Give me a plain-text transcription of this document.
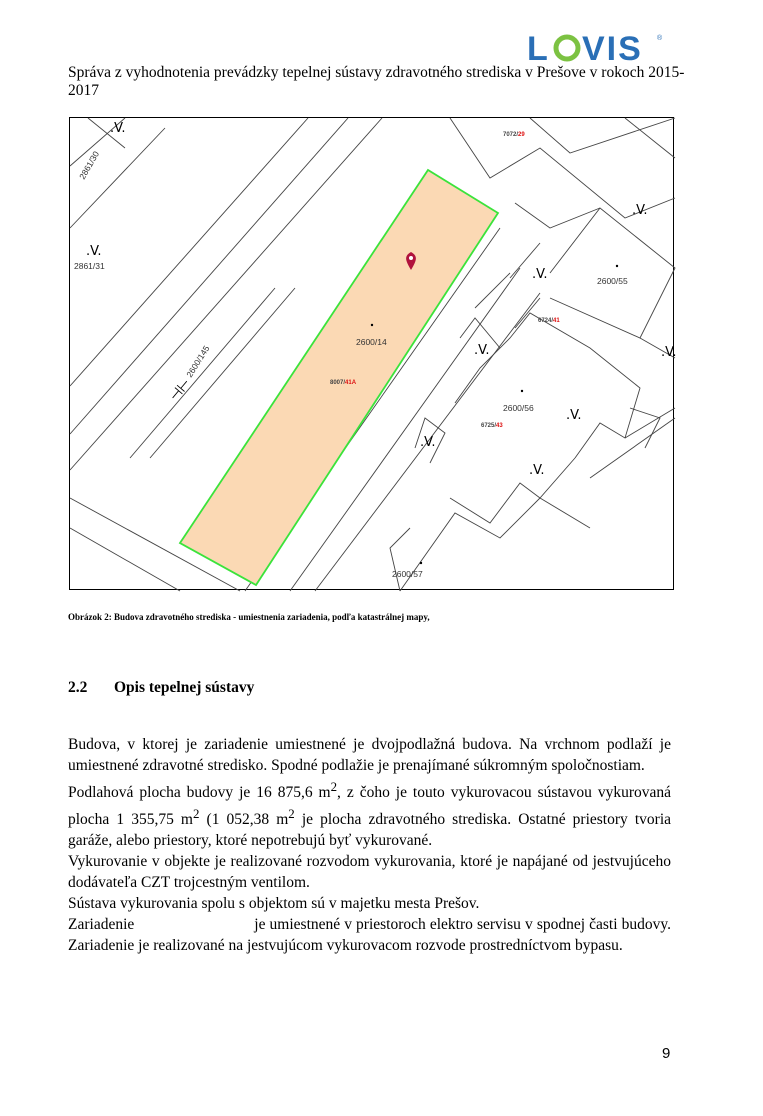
L VIS ®
Správa z vyhodnotenia prevádzky tepelnej sústavy zdravotného strediska v Prešove v rokoch 2015-2017
.V.
.V.
.V.
.V.
.V.
.V.
.V.
.V.
.V.
⊣⊢
2861/30
2861/31
2600/145
2600/14
2600/55
2600/56
2600/57
7072/29
8007/41A
6724/41
6725/43
Obrázok 2: Budova zdravotného strediska - umiestnenia zariadenia, podľa katastrálnej mapy,
2.2 Opis tepelnej sústavy

Budova, v ktorej je zariadenie umiestnené je dvojpodlažná budova. Na vrchnom podlaží je umiestnené zdravotné stredisko. Spodné podlažie je prenajímané súkromným spoločnostiam.

Podlahová plocha budovy je 16 875,6 $m^2$, z čoho je touto vykurovacou sústavou vykurovaná plocha 1 355,75 $m^2$ (1 052,38 $m^2$ je plocha zdravotného strediska. Ostatné priestory tvoria garáže, alebo priestory, ktoré nepotrebujú byť vykurované.

Vykurovanie v objekte je realizované rozvodom vykurovania, ktoré je napájané od jestvujúceho dodávateľa CZT trojcestným ventilom.

Sústava vykurovania spolu s objektom sú v majetku mesta Prešov.

Zariadenie	je umiestnené v priestoroch elektro servisu v spodnej časti budovy. Zariadenie je realizované na jestvujúcom vykurovacom rozvode prostredníctvom bypasu.

9
